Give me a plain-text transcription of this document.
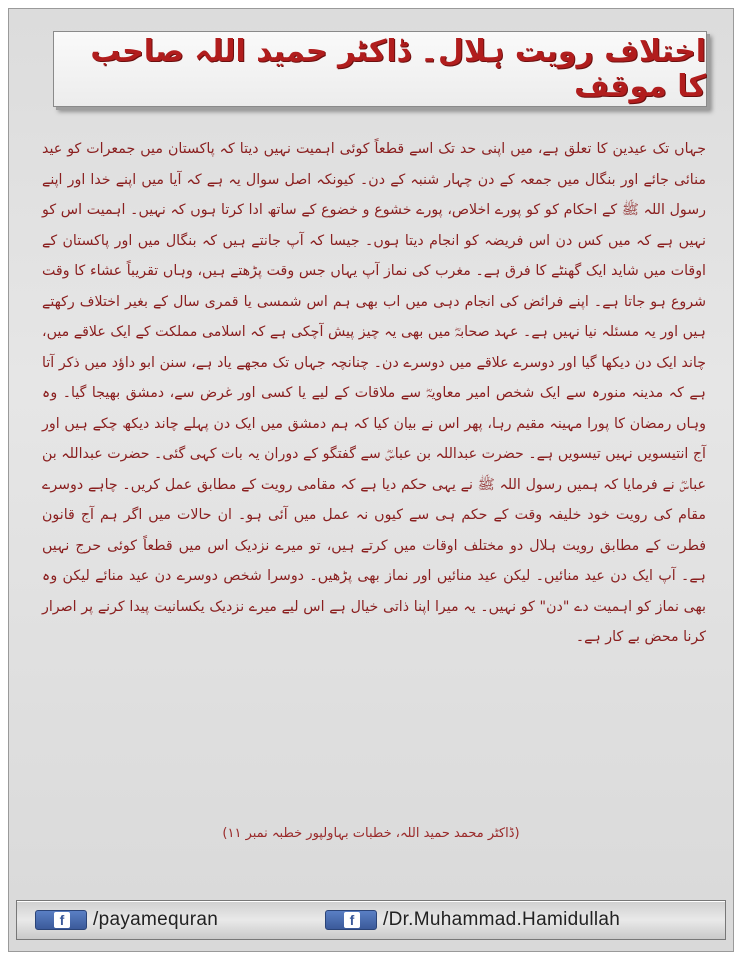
اختلاف رویت ہلال۔ ڈاکٹر حمید اللہ صاحب کا موقف

جہاں تک عیدین کا تعلق ہے، میں اپنی حد تک اسے قطعاً کوئی اہمیت نہیں دیتا کہ پاکستان میں جمعرات کو عید منائی جائے اور بنگال میں جمعہ کے دن چہار شنبہ کے دن۔ کیونکہ اصل سوال یہ ہے کہ آیا میں اپنے خدا اور اپنے رسول اللہ ﷺ کے احکام کو کو پورے اخلاص، پورے خشوع و خضوع کے ساتھ ادا کرتا ہوں کہ نہیں۔ اہمیت اس کو نہیں ہے کہ میں کس دن اس فریضہ کو انجام دیتا ہوں۔ جیسا کہ آپ جانتے ہیں کہ بنگال میں اور پاکستان کے اوقات میں شاید ایک گھنٹے کا فرق ہے۔ مغرب کی نماز آپ یہاں جس وقت پڑھتے ہیں، وہاں تقریباً عشاء کا وقت شروع ہو جاتا ہے۔ اپنے فرائض کی انجام دہی میں اب بھی ہم اس شمسی یا قمری سال کے بغیر اختلاف رکھتے ہیں اور یہ مسئلہ نیا نہیں ہے۔ عہد صحابہؓ میں بھی یہ چیز پیش آچکی ہے کہ اسلامی مملکت کے ایک علاقے میں، چاند ایک دن دیکھا گیا اور دوسرے علاقے میں دوسرے دن۔ چنانچہ جہاں تک مجھے یاد ہے، سنن ابو داؤد میں ذکر آتا ہے کہ مدینہ منورہ سے ایک شخص امیر معاویہؓ سے ملاقات کے لیے یا کسی اور غرض سے، دمشق بھیجا گیا۔ وہ وہاں رمضان کا پورا مہینہ مقیم رہا، پھر اس نے بیان کیا کہ ہم دمشق میں ایک دن پہلے چاند دیکھ چکے ہیں اور آج انتیسویں نہیں تیسویں ہے۔ حضرت عبداللہ بن عباسؓ سے گفتگو کے دوران یہ بات کہی گئی۔ حضرت عبداللہ بن عباسؓ نے فرمایا کہ ہمیں رسول اللہ ﷺ نے یہی حکم دیا ہے کہ مقامی رویت کے مطابق عمل کریں۔ چاہے دوسرے مقام کی رویت خود خلیفہ وقت کے حکم ہی سے کیوں نہ عمل میں آئی ہو۔ ان حالات میں اگر ہم آج قانون فطرت کے مطابق رویت ہلال دو مختلف اوقات میں کرتے ہیں، تو میرے نزدیک اس میں قطعاً کوئی حرج نہیں ہے۔ آپ ایک دن عید منائیں۔ لیکن عید منائیں اور نماز بھی پڑھیں۔ دوسرا شخص دوسرے دن عید منائے لیکن وہ بھی نماز کو اہمیت دے "دن" کو نہیں۔ یہ میرا اپنا ذاتی خیال ہے اس لیے میرے نزدیک یکسانیت پیدا کرنے پر اصرار کرنا محض بے کار ہے۔

(ڈاکٹر محمد حمید اللہ، خطبات بہاولپور خطبہ نمبر ۱۱)
f /payamequran	f /Dr.Muhammad.Hamidullah
